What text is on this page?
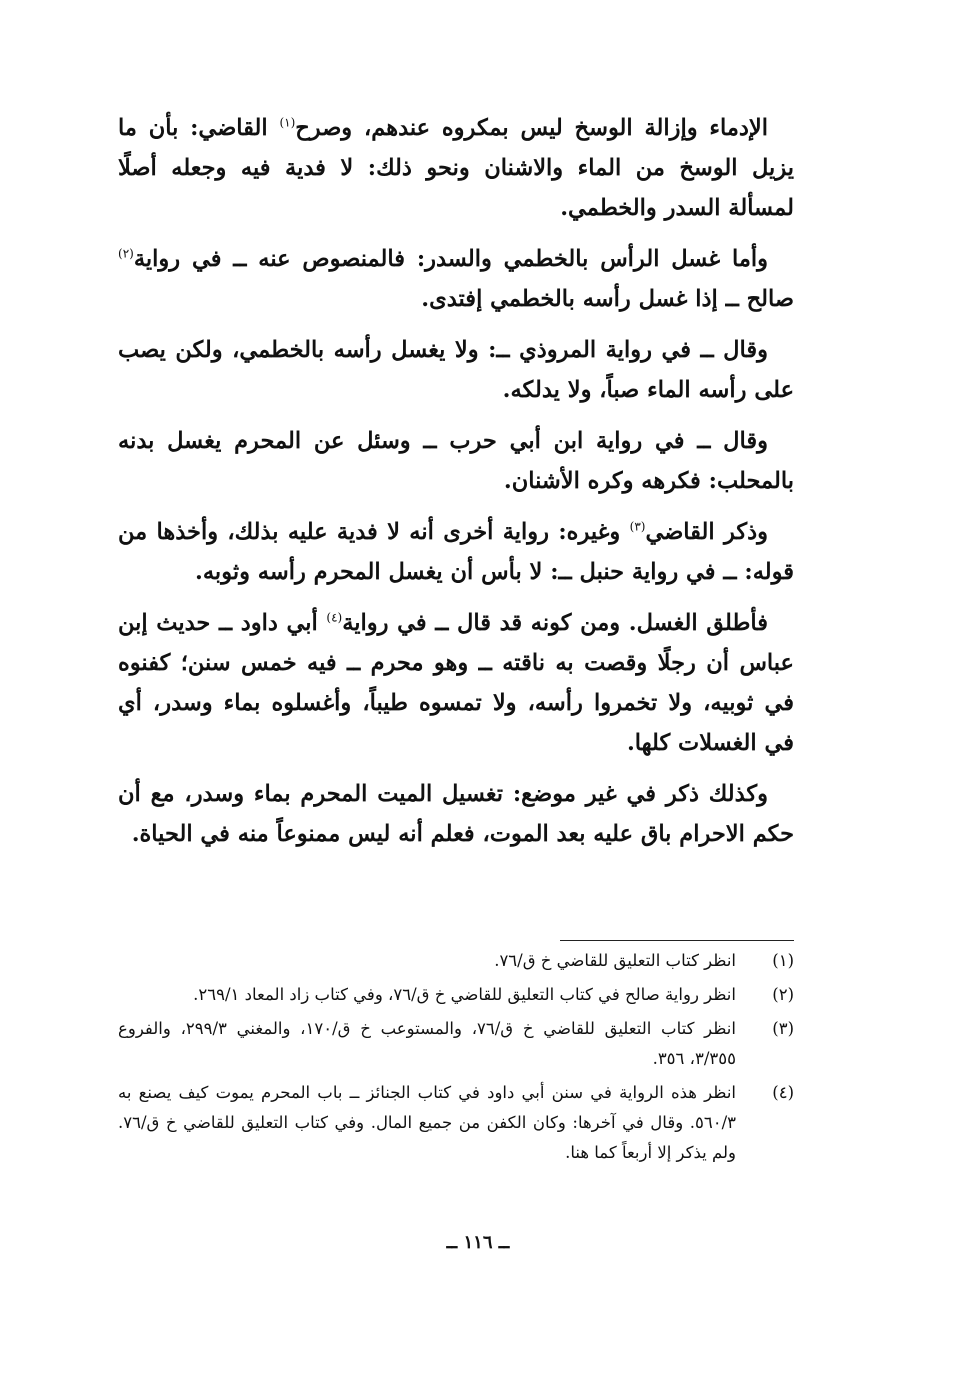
الإدماء وإزالة الوسخ ليس بمكروه عندهم، وصرح$^{(١)}$ القاضي: بأن ما يزيل الوسخ من الماء والاشنان ونحو ذلك: لا فدية فيه وجعله أصلًا لمسألة السدر والخطمي.

وأما غسل الرأس بالخطمي والسدر: فالمنصوص عنه ــ في رواية$^{(٢)}$ صالح ــ إذا غسل رأسه بالخطمي إفتدى.

وقال ــ في رواية المروذي ــ: ولا يغسل رأسه بالخطمي، ولكن يصب على رأسه الماء صباً، ولا يدلكه.

وقال ــ في رواية ابن أبي حرب ــ وسئل عن المحرم يغسل بدنه بالمحلب: فكرهه وكره الأشنان.

وذكر القاضي$^{(٣)}$ وغيره: رواية أخرى أنه لا فدية عليه بذلك، وأخذها من قوله: ــ في رواية حنبل ــ: لا بأس أن يغسل المحرم رأسه وثوبه.

فأطلق الغسل. ومن كونه قد قال ــ في رواية$^{(٤)}$ أبي داود ــ حديث إبن عباس أن رجلًا وقصت به ناقته ــ وهو محرم ــ فيه خمس سنن؛ كفنوه في ثوبيه، ولا تخمروا رأسه، ولا تمسوه طيباً، وأغسلوه بماء وسدر، أي في الغسلات كلها.

وكذلك ذكر في غير موضع: تغسيل الميت المحرم بماء وسدر، مع أن حكم الاحرام باق عليه بعد الموت، فعلم أنه ليس ممنوعاً منه في الحياة.

(١)
انظر كتاب التعليق للقاضي خ ق/٧٦.
(٢)
انظر رواية صالح في كتاب التعليق للقاضي خ ق/٧٦، وفي كتاب زاد المعاد ٢٦٩/١.
(٣)
انظر كتاب التعليق للقاضي خ ق/٧٦، والمستوعب خ ق/١٧٠، والمغني ٢٩٩/٣، والفروع ٣/٣٥٥، ٣٥٦.
(٤)
انظر هذه الرواية في سنن أبي داود في كتاب الجنائز ــ باب المحرم يموت كيف يصنع به ٥٦٠/٣. وقال في آخرها: وكان الكفن من جميع المال. وفي كتاب التعليق للقاضي خ ق/٧٦. ولم يذكر إلا أربعاً كما هنا.
ــ ١١٦ ــ
